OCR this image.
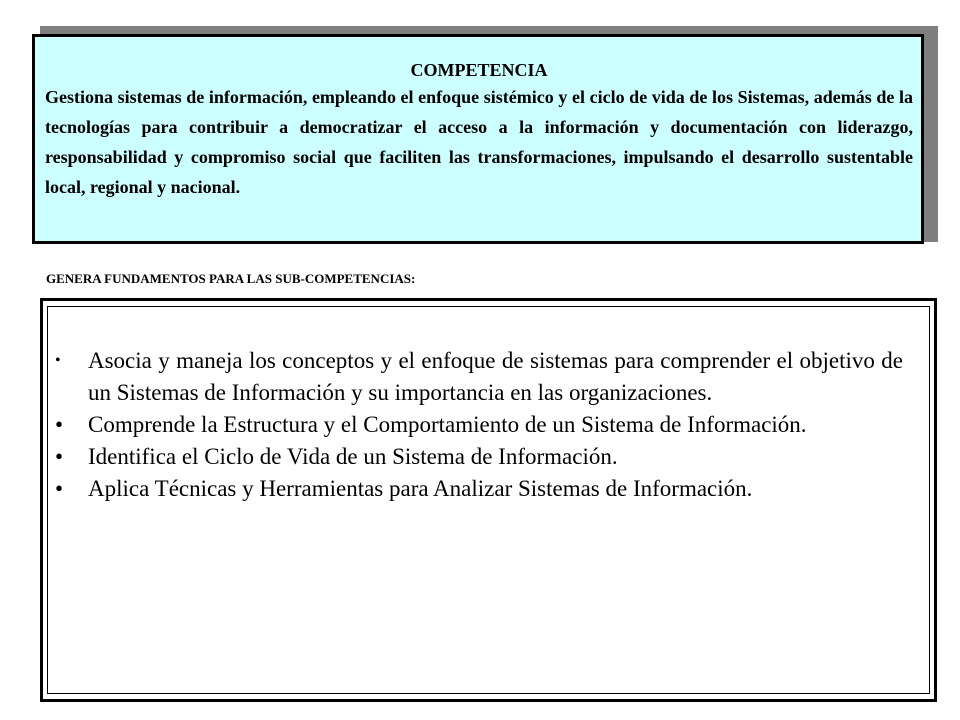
COMPETENCIA

Gestiona sistemas de información, empleando el enfoque sistémico y el ciclo de vida de los Sistemas, además de la tecnologías para contribuir a democratizar el acceso a la información y documentación con liderazgo, responsabilidad y compromiso social que faciliten las transformaciones, impulsando el desarrollo sustentable local, regional y nacional.

GENERA FUNDAMENTOS PARA LAS SUB-COMPETENCIAS:
•	Asocia y maneja los conceptos y el enfoque de sistemas para comprender el objetivo de un Sistemas de Información y su importancia en las organizaciones.
•	Comprende la Estructura y el Comportamiento de un Sistema de Información.
•	Identifica el Ciclo de Vida de un Sistema de Información.
•	Aplica Técnicas y Herramientas para Analizar Sistemas de Información.
